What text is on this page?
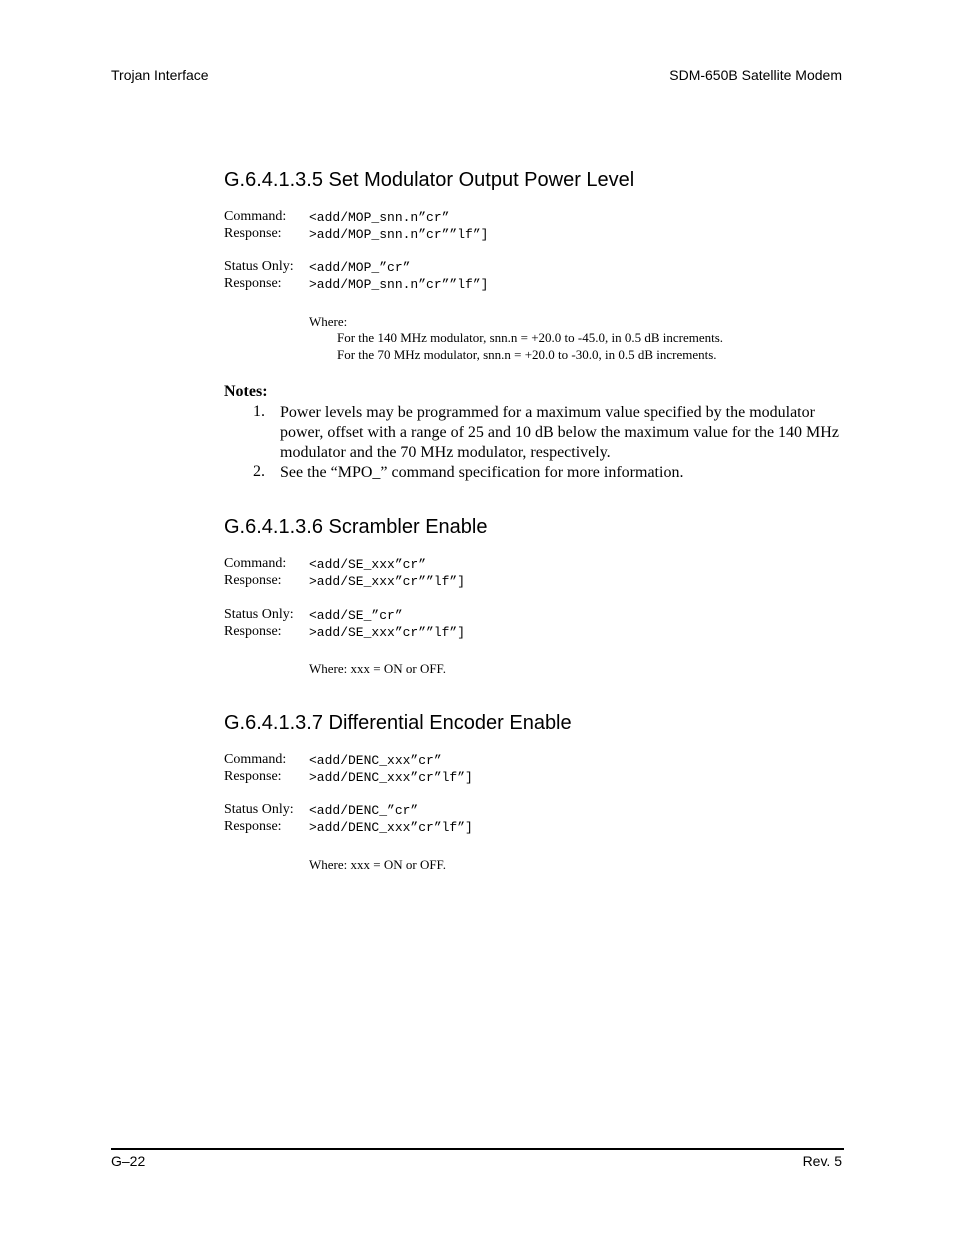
Trojan Interface	SDM-650B Satellite Modem
G.6.4.1.3.5 Set Modulator Output Power Level
Command: <add/MOP_snn.n”cr”
Response: >add/MOP_snn.n”cr””lf”]
Status Only: <add/MOP_”cr”
Response: >add/MOP_snn.n”cr””lf”]
Where:
For the 140 MHz modulator, snn.n = +20.0 to -45.0, in 0.5 dB increments.
For the 70 MHz modulator, snn.n = +20.0 to -30.0, in 0.5 dB increments.
Notes:
1. Power levels may be programmed for a maximum value specified by the modulator power, offset with a range of 25 and 10 dB below the maximum value for the 140 MHz modulator and the 70 MHz modulator, respectively.
2. See the “MPO_” command specification for more information.
G.6.4.1.3.6 Scrambler Enable
Command: <add/SE_xxx”cr”
Response: >add/SE_xxx”cr””lf”]
Status Only: <add/SE_”cr”
Response: >add/SE_xxx”cr””lf”]
Where: xxx = ON or OFF.
G.6.4.1.3.7 Differential Encoder Enable
Command: <add/DENC_xxx”cr”
Response: >add/DENC_xxx”cr”lf”]
Status Only: <add/DENC_”cr”
Response: >add/DENC_xxx”cr”lf”]
Where: xxx = ON or OFF.
G–22	Rev. 5
